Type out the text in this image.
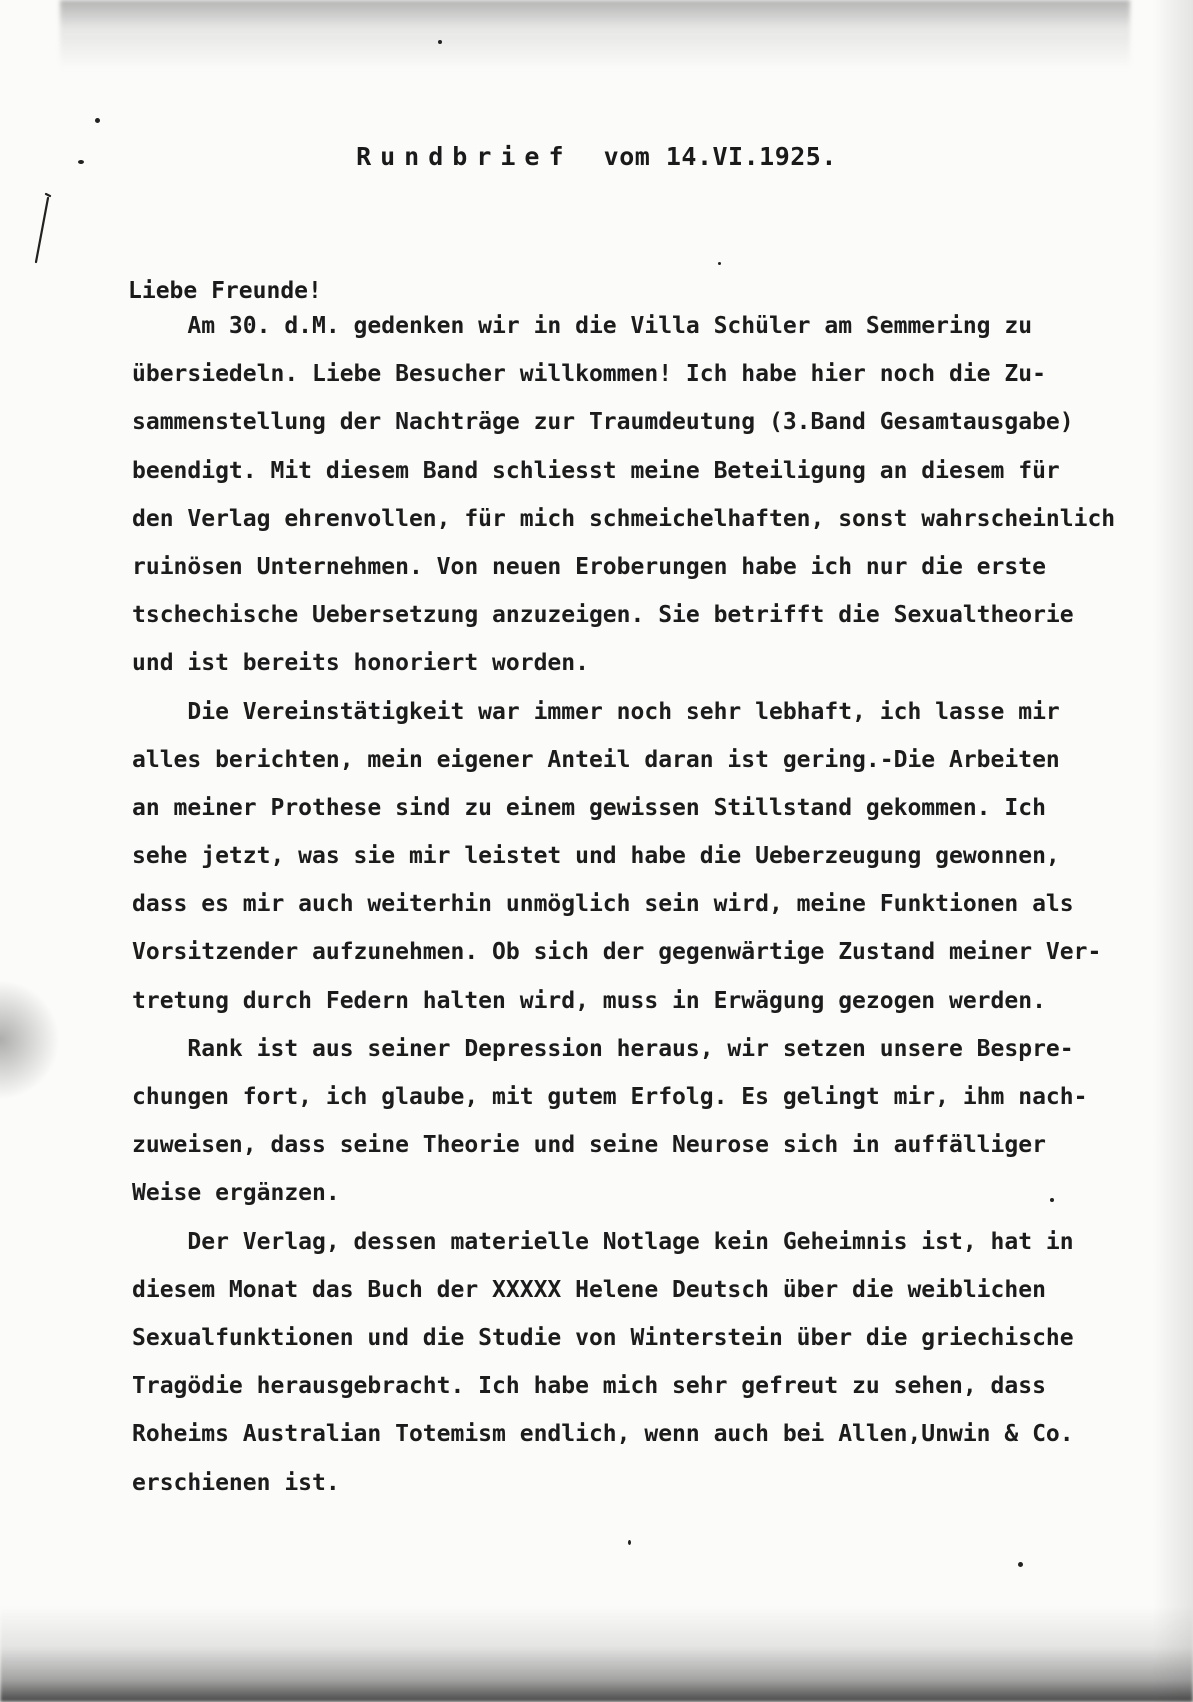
Rundbrief vom 14.VI.1925.
Liebe Freunde!
Am 30. d.M. gedenken wir in die Villa Schüler am Semmering zu
übersiedeln. Liebe Besucher willkommen! Ich habe hier noch die Zu-
sammenstellung der Nachträge zur Traumdeutung (3.Band Gesamtausgabe)
beendigt. Mit diesem Band schliesst meine Beteiligung an diesem für
den Verlag ehrenvollen, für mich schmeichelhaften, sonst wahrscheinlich
ruinösen Unternehmen. Von neuen Eroberungen habe ich nur die erste
tschechische Uebersetzung anzuzeigen. Sie betrifft die Sexualtheorie
und ist bereits honoriert worden.
Die Vereinstätigkeit war immer noch sehr lebhaft, ich lasse mir
alles berichten, mein eigener Anteil daran ist gering.-Die Arbeiten
an meiner Prothese sind zu einem gewissen Stillstand gekommen. Ich
sehe jetzt, was sie mir leistet und habe die Ueberzeugung gewonnen,
dass es mir auch weiterhin unmöglich sein wird, meine Funktionen als
Vorsitzender aufzunehmen. Ob sich der gegenwärtige Zustand meiner Ver-
tretung durch Federn halten wird, muss in Erwägung gezogen werden.
Rank ist aus seiner Depression heraus, wir setzen unsere Bespre-
chungen fort, ich glaube, mit gutem Erfolg. Es gelingt mir, ihm nach-
zuweisen, dass seine Theorie und seine Neurose sich in auffälliger
Weise ergänzen.
Der Verlag, dessen materielle Notlage kein Geheimnis ist, hat in
diesem Monat das Buch der XXXXX Helene Deutsch über die weiblichen
Sexualfunktionen und die Studie von Winterstein über die griechische
Tragödie herausgebracht. Ich habe mich sehr gefreut zu sehen, dass
Roheims Australian Totemism endlich, wenn auch bei Allen,Unwin & Co.
erschienen ist.
